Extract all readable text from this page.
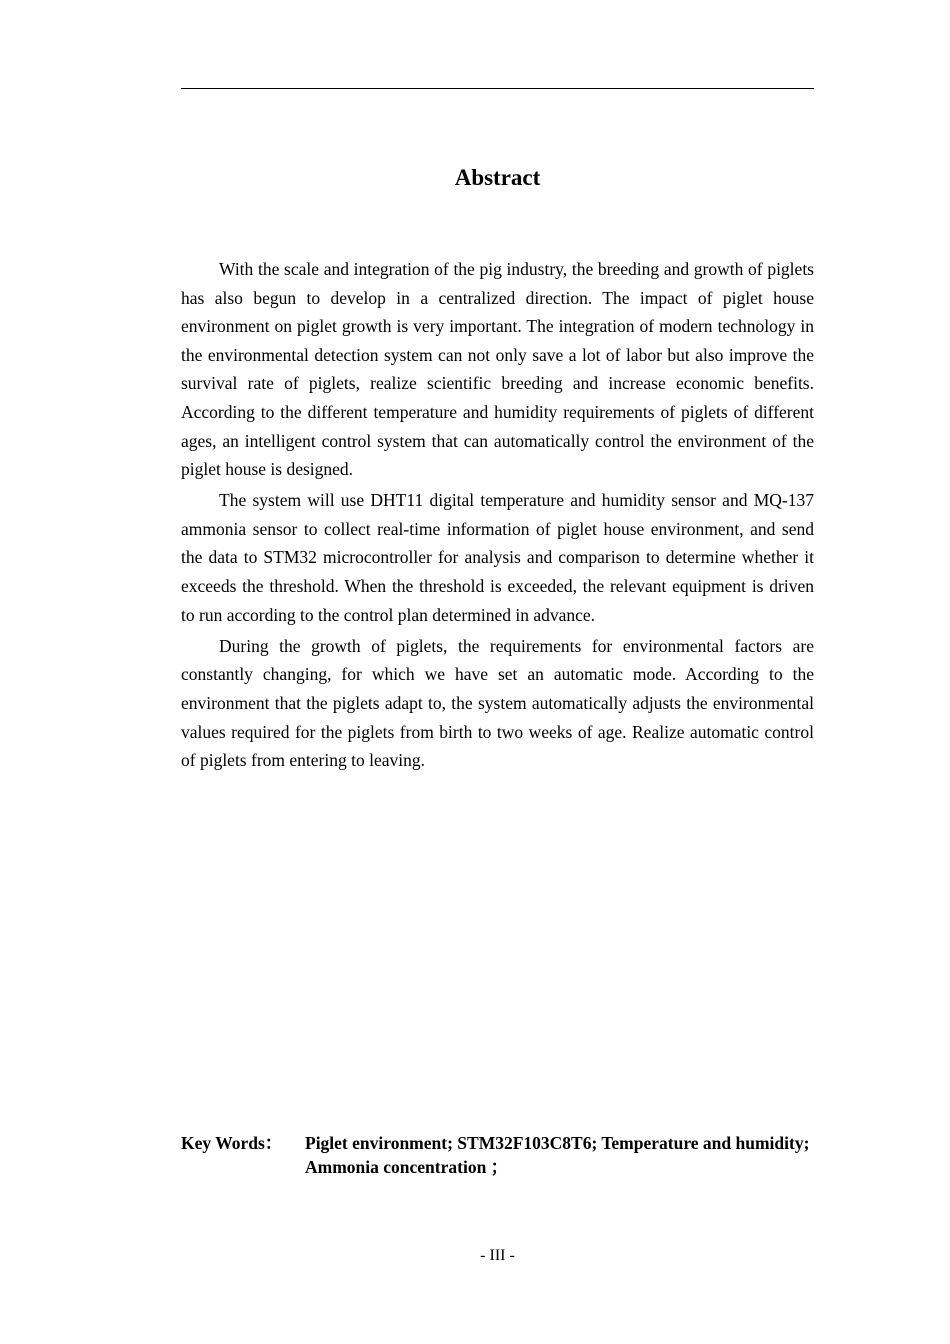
Abstract

With the scale and integration of the pig industry, the breeding and growth of piglets has also begun to develop in a centralized direction. The impact of piglet house environment on piglet growth is very important. The integration of modern technology in the environmental detection system can not only save a lot of labor but also improve the survival rate of piglets, realize scientific breeding and increase economic benefits. According to the different temperature and humidity requirements of piglets of different ages, an intelligent control system that can automatically control the environment of the piglet house is designed.

The system will use DHT11 digital temperature and humidity sensor and MQ-137 ammonia sensor to collect real-time information of piglet house environment, and send the data to STM32 microcontroller for analysis and comparison to determine whether it exceeds the threshold. When the threshold is exceeded, the relevant equipment is driven to run according to the control plan determined in advance.

During the growth of piglets, the requirements for environmental factors are constantly changing, for which we have set an automatic mode. According to the environment that the piglets adapt to, the system automatically adjusts the environmental values required for the piglets from birth to two weeks of age. Realize automatic control of piglets from entering to leaving.

Key Words：	Piglet environment; STM32F103C8T6; Temperature and humidity; Ammonia concentration ；
- III -
